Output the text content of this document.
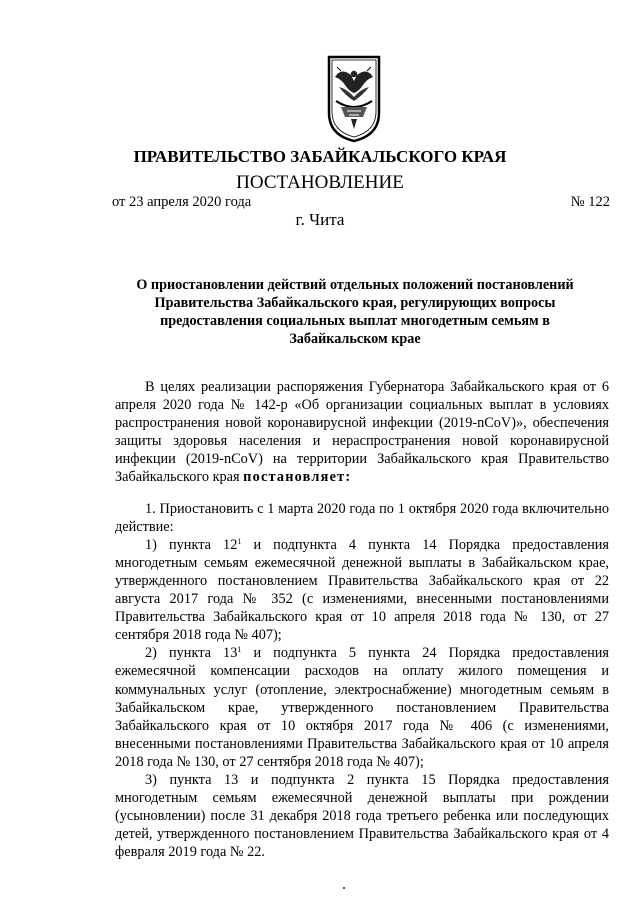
ПРАВИТЕЛЬСТВО ЗАБАЙКАЛЬСКОГО КРАЯ
ПОСТАНОВЛЕНИЕ
от 23 апреля 2020 года	№ 122
г. Чита
О приостановлении действий отдельных положений постановлений Правительства Забайкальского края, регулирующих вопросы предоставления социальных выплат многодетным семьям в Забайкальском крае

В целях реализации распоряжения Губернатора Забайкальского края от 6 апреля 2020 года № 142-р «Об организации социальных выплат в условиях распространения новой коронавирусной инфекции (2019-nCoV)», обеспечения защиты здоровья населения и нераспространения новой коронавирусной инфекции (2019-nCoV) на территории Забайкальского края Правительство Забайкальского края постановляет:

1. Приостановить с 1 марта 2020 года по 1 октября 2020 года включительно действие:

1) пункта $12^1$ и подпункта 4 пункта 14 Порядка предоставления многодетным семьям ежемесячной денежной выплаты в Забайкальском крае, утвержденного постановлением Правительства Забайкальского края от 22 августа 2017 года № 352 (с изменениями, внесенными постановлениями Правительства Забайкальского края от 10 апреля 2018 года № 130, от 27 сентября 2018 года № 407);

2) пункта $13^1$ и подпункта 5 пункта 24 Порядка предоставления ежемесячной компенсации расходов на оплату жилого помещения и коммунальных услуг (отопление, электроснабжение) многодетным семьям в Забайкальском крае, утвержденного постановлением Правительства Забайкальского края от 10 октября 2017 года № 406 (с изменениями, внесенными постановлениями Правительства Забайкальского края от 10 апреля 2018 года № 130, от 27 сентября 2018 года № 407);

3) пункта 13 и подпункта 2 пункта 15 Порядка предоставления многодетным семьям ежемесячной денежной выплаты при рождении (усыновлении) после 31 декабря 2018 года третьего ребенка или последующих детей, утвержденного постановлением Правительства Забайкальского края от 4 февраля 2019 года № 22.
